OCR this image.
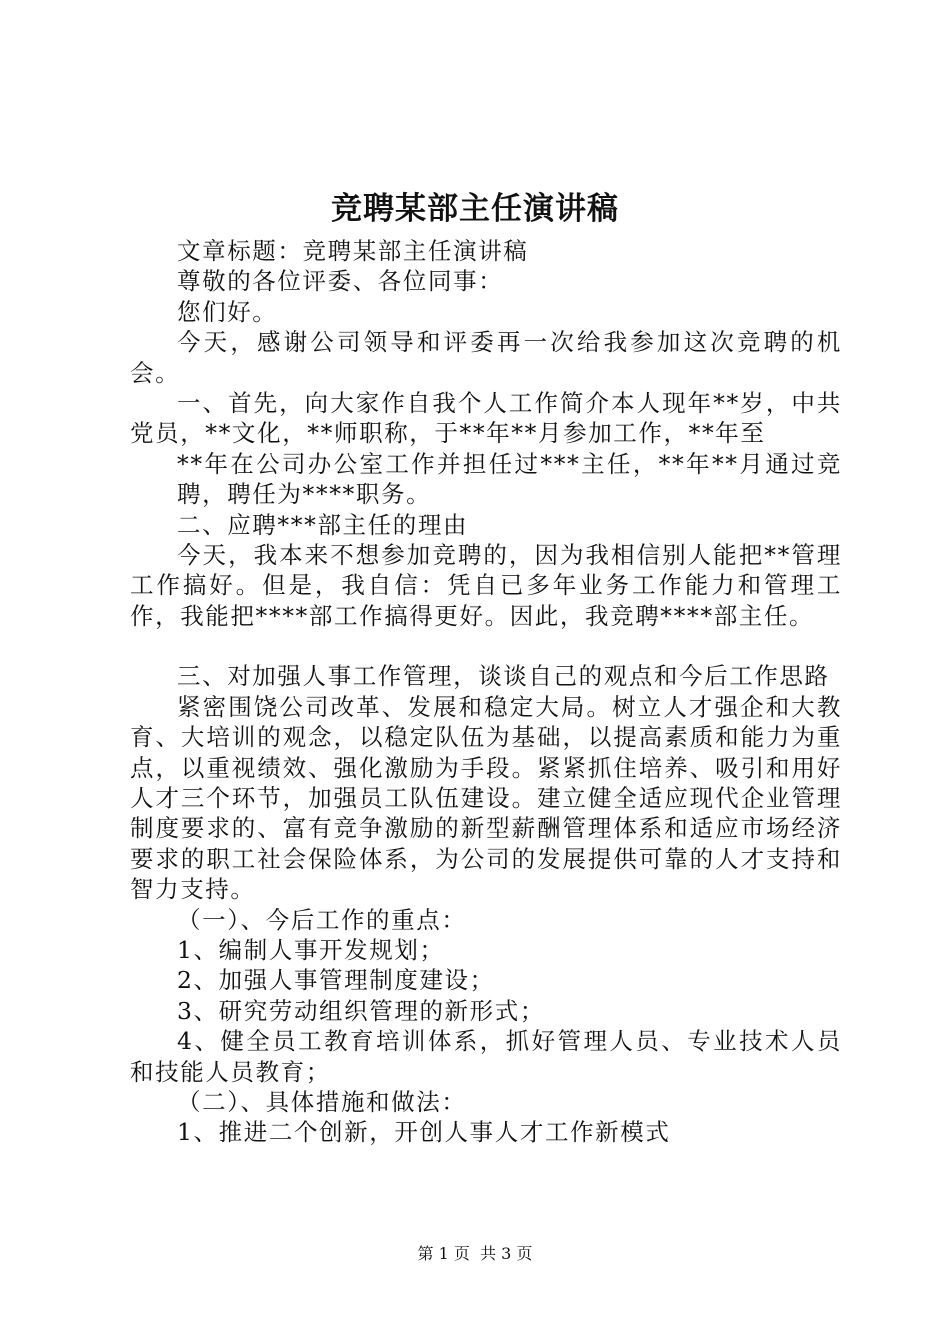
竞聘某部主任演讲稿

文章标题：竞聘某部主任演讲稿

尊敬的各位评委、各位同事：

您们好。

今天，感谢公司领导和评委再一次给我参加这次竞聘的机会。

一、首先，向大家作自我个人工作简介本人现年**岁，中共党员，**文化，**师职称，于**年**月参加工作，**年至

**年在公司办公室工作并担任过***主任，**年**月通过竞聘，聘任为****职务。

二、应聘***部主任的理由

今天，我本来不想参加竞聘的，因为我相信别人能把**管理工作搞好。但是，我自信：凭自已多年业务工作能力和管理工作，我能把****部工作搞得更好。因此，我竞聘****部主任。

三、对加强人事工作管理，谈谈自己的观点和今后工作思路

紧密围饶公司改革、发展和稳定大局。树立人才强企和大教育、大培训的观念，以稳定队伍为基础，以提高素质和能力为重点，以重视绩效、强化激励为手段。紧紧抓住培养、吸引和用好人才三个环节，加强员工队伍建设。建立健全适应现代企业管理制度要求的、富有竞争激励的新型薪酬管理体系和适应市场经济要求的职工社会保险体系，为公司的发展提供可靠的人才支持和智力支持。

（一）、今后工作的重点：

1、编制人事开发规划；

2、加强人事管理制度建设；

3、研究劳动组织管理的新形式；

4、健全员工教育培训体系，抓好管理人员、专业技术人员和技能人员教育；

（二）、具体措施和做法：

1、推进二个创新，开创人事人才工作新模式

第 1 页  共 3 页
